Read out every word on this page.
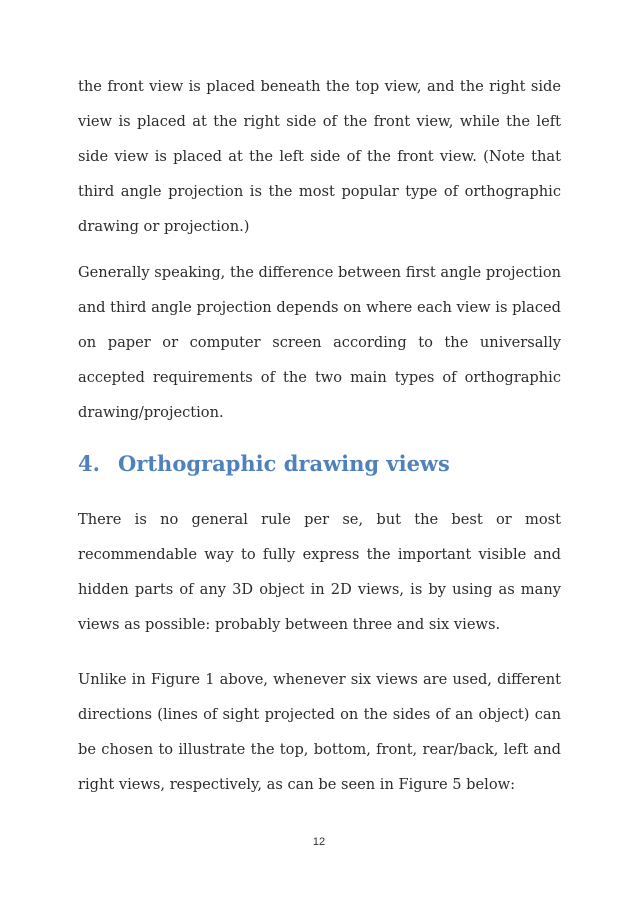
the front view is placed beneath the top view, and the right side view is placed at the right side of the front view, while the left side view is placed at the left side of the front view. (Note that third angle projection is the most popular type of orthographic drawing or projection.)

Generally speaking, the difference between first angle projection and third angle projection depends on where each view is placed on paper or computer screen according to the universally accepted requirements of the two main types of orthographic drawing/projection.

4. Orthographic drawing views

There is no general rule per se, but the best or most recommendable way to fully express the important visible and hidden parts of any 3D object in 2D views, is by using as many views as possible: probably between three and six views.

Unlike in Figure 1 above, whenever six views are used, different directions (lines of sight projected on the sides of an object) can be chosen to illustrate the top, bottom, front, rear/back, left and right views, respectively, as can be seen in Figure 5 below:

12
